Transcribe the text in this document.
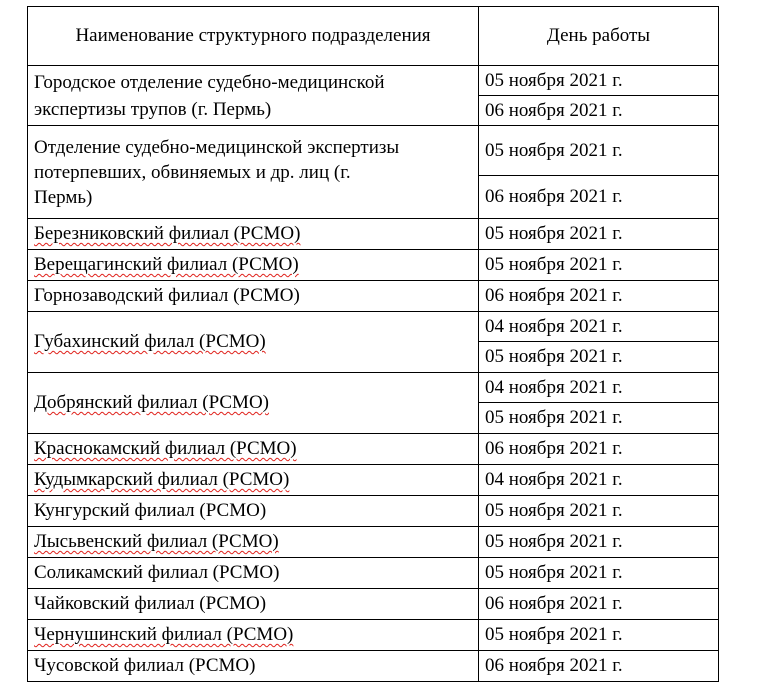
Наименование структурного подразделения	День работы
Городское отделение судебно-медицинской
экспертизы трупов (г. Пермь)	05 ноября 2021 г.
	06 ноября 2021 г.
Отделение судебно-медицинской экспертизы
потерпевших, обвиняемых и др. лиц (г.
Пермь)	05 ноября 2021 г.
	06 ноября 2021 г.
Березниковский филиал (РСМО)	05 ноября 2021 г.
Верещагинский филиал (РСМО)	05 ноября 2021 г.
Горнозаводский филиал (РСМО)	06 ноября 2021 г.
Губахинский филал (РСМО)	04 ноября 2021 г.
	05 ноября 2021 г.
Добрянский филиал (РСМО)	04 ноября 2021 г.
	05 ноября 2021 г.
Краснокамский филиал (РСМО)	06 ноября 2021 г.
Кудымкарский филиал (РСМО)	04 ноября 2021 г.
Кунгурский филиал (РСМО)	05 ноября 2021 г.
Лысьвенский филиал (РСМО)	05 ноября 2021 г.
Соликамский филиал (РСМО)	05 ноября 2021 г.
Чайковский филиал (РСМО)	06 ноября 2021 г.
Чернушинский филиал (РСМО)	05 ноября 2021 г.
Чусовской филиал (РСМО)	06 ноября 2021 г.
